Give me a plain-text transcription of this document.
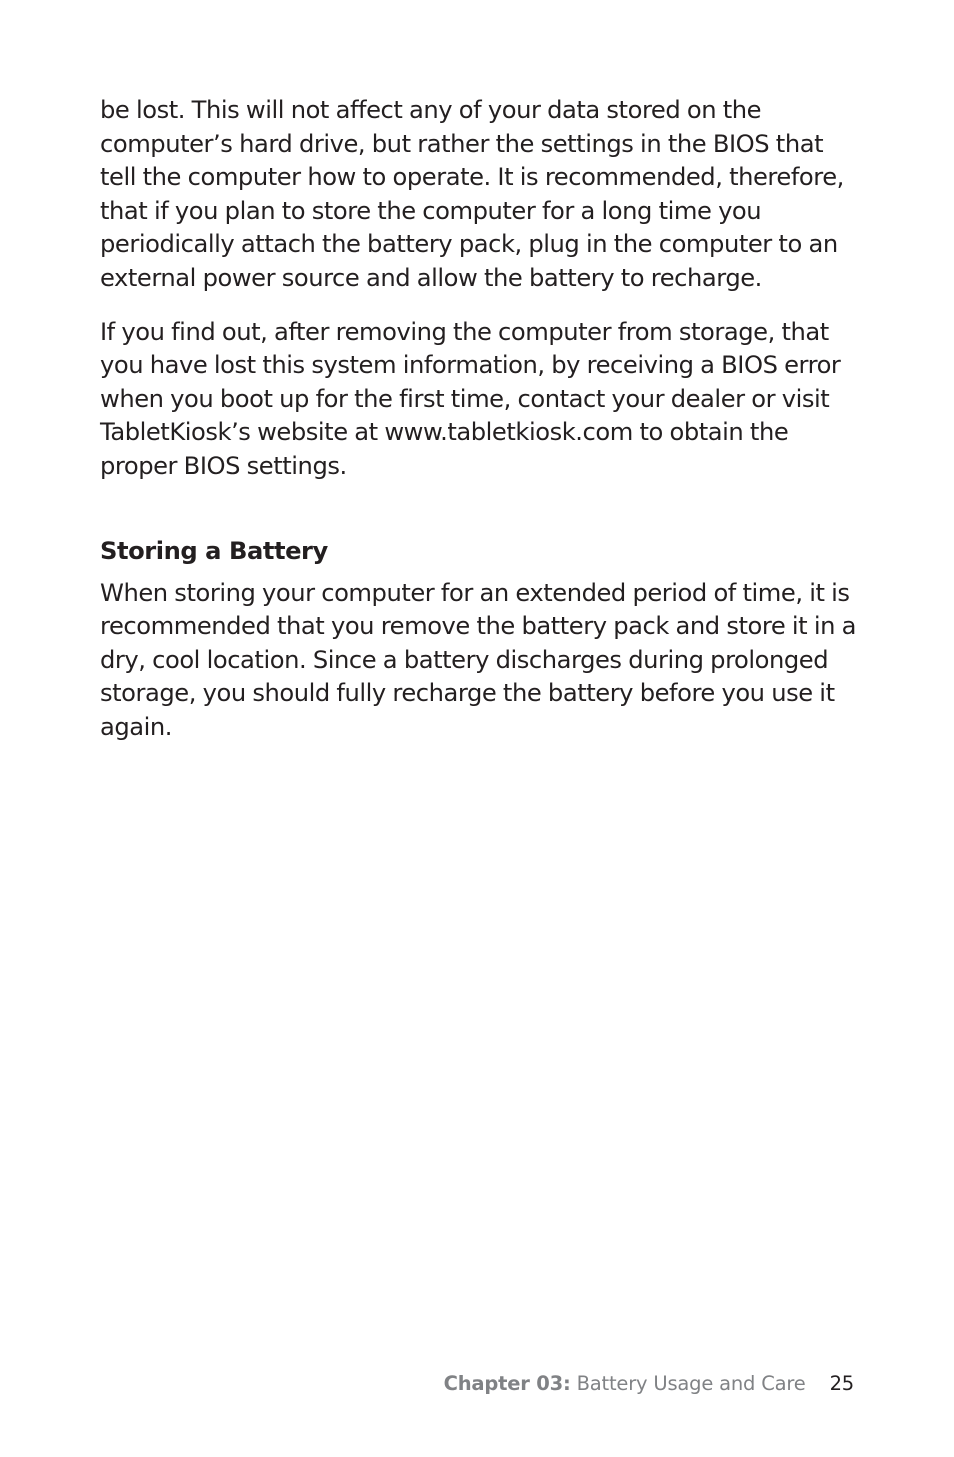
be lost. This will not affect any of your data stored on the computer’s hard drive, but rather the settings in the BIOS that tell the computer how to operate. It is recommended, therefore, that if you plan to store the computer for a long time you periodically attach the battery pack, plug in the computer to an external power source and allow the battery to recharge.

If you find out, after removing the computer from storage, that you have lost this system information, by receiving a BIOS error when you boot up for the first time, contact your dealer or visit TabletKiosk’s website at www.tabletkiosk.com to obtain the proper BIOS settings.

Storing a Battery

When storing your computer for an extended period of time, it is recommended that you remove the battery pack and store it in a dry, cool location. Since a battery discharges during prolonged storage, you should fully recharge the battery before you use it again.

Chapter 03: Battery Usage and Care 25
